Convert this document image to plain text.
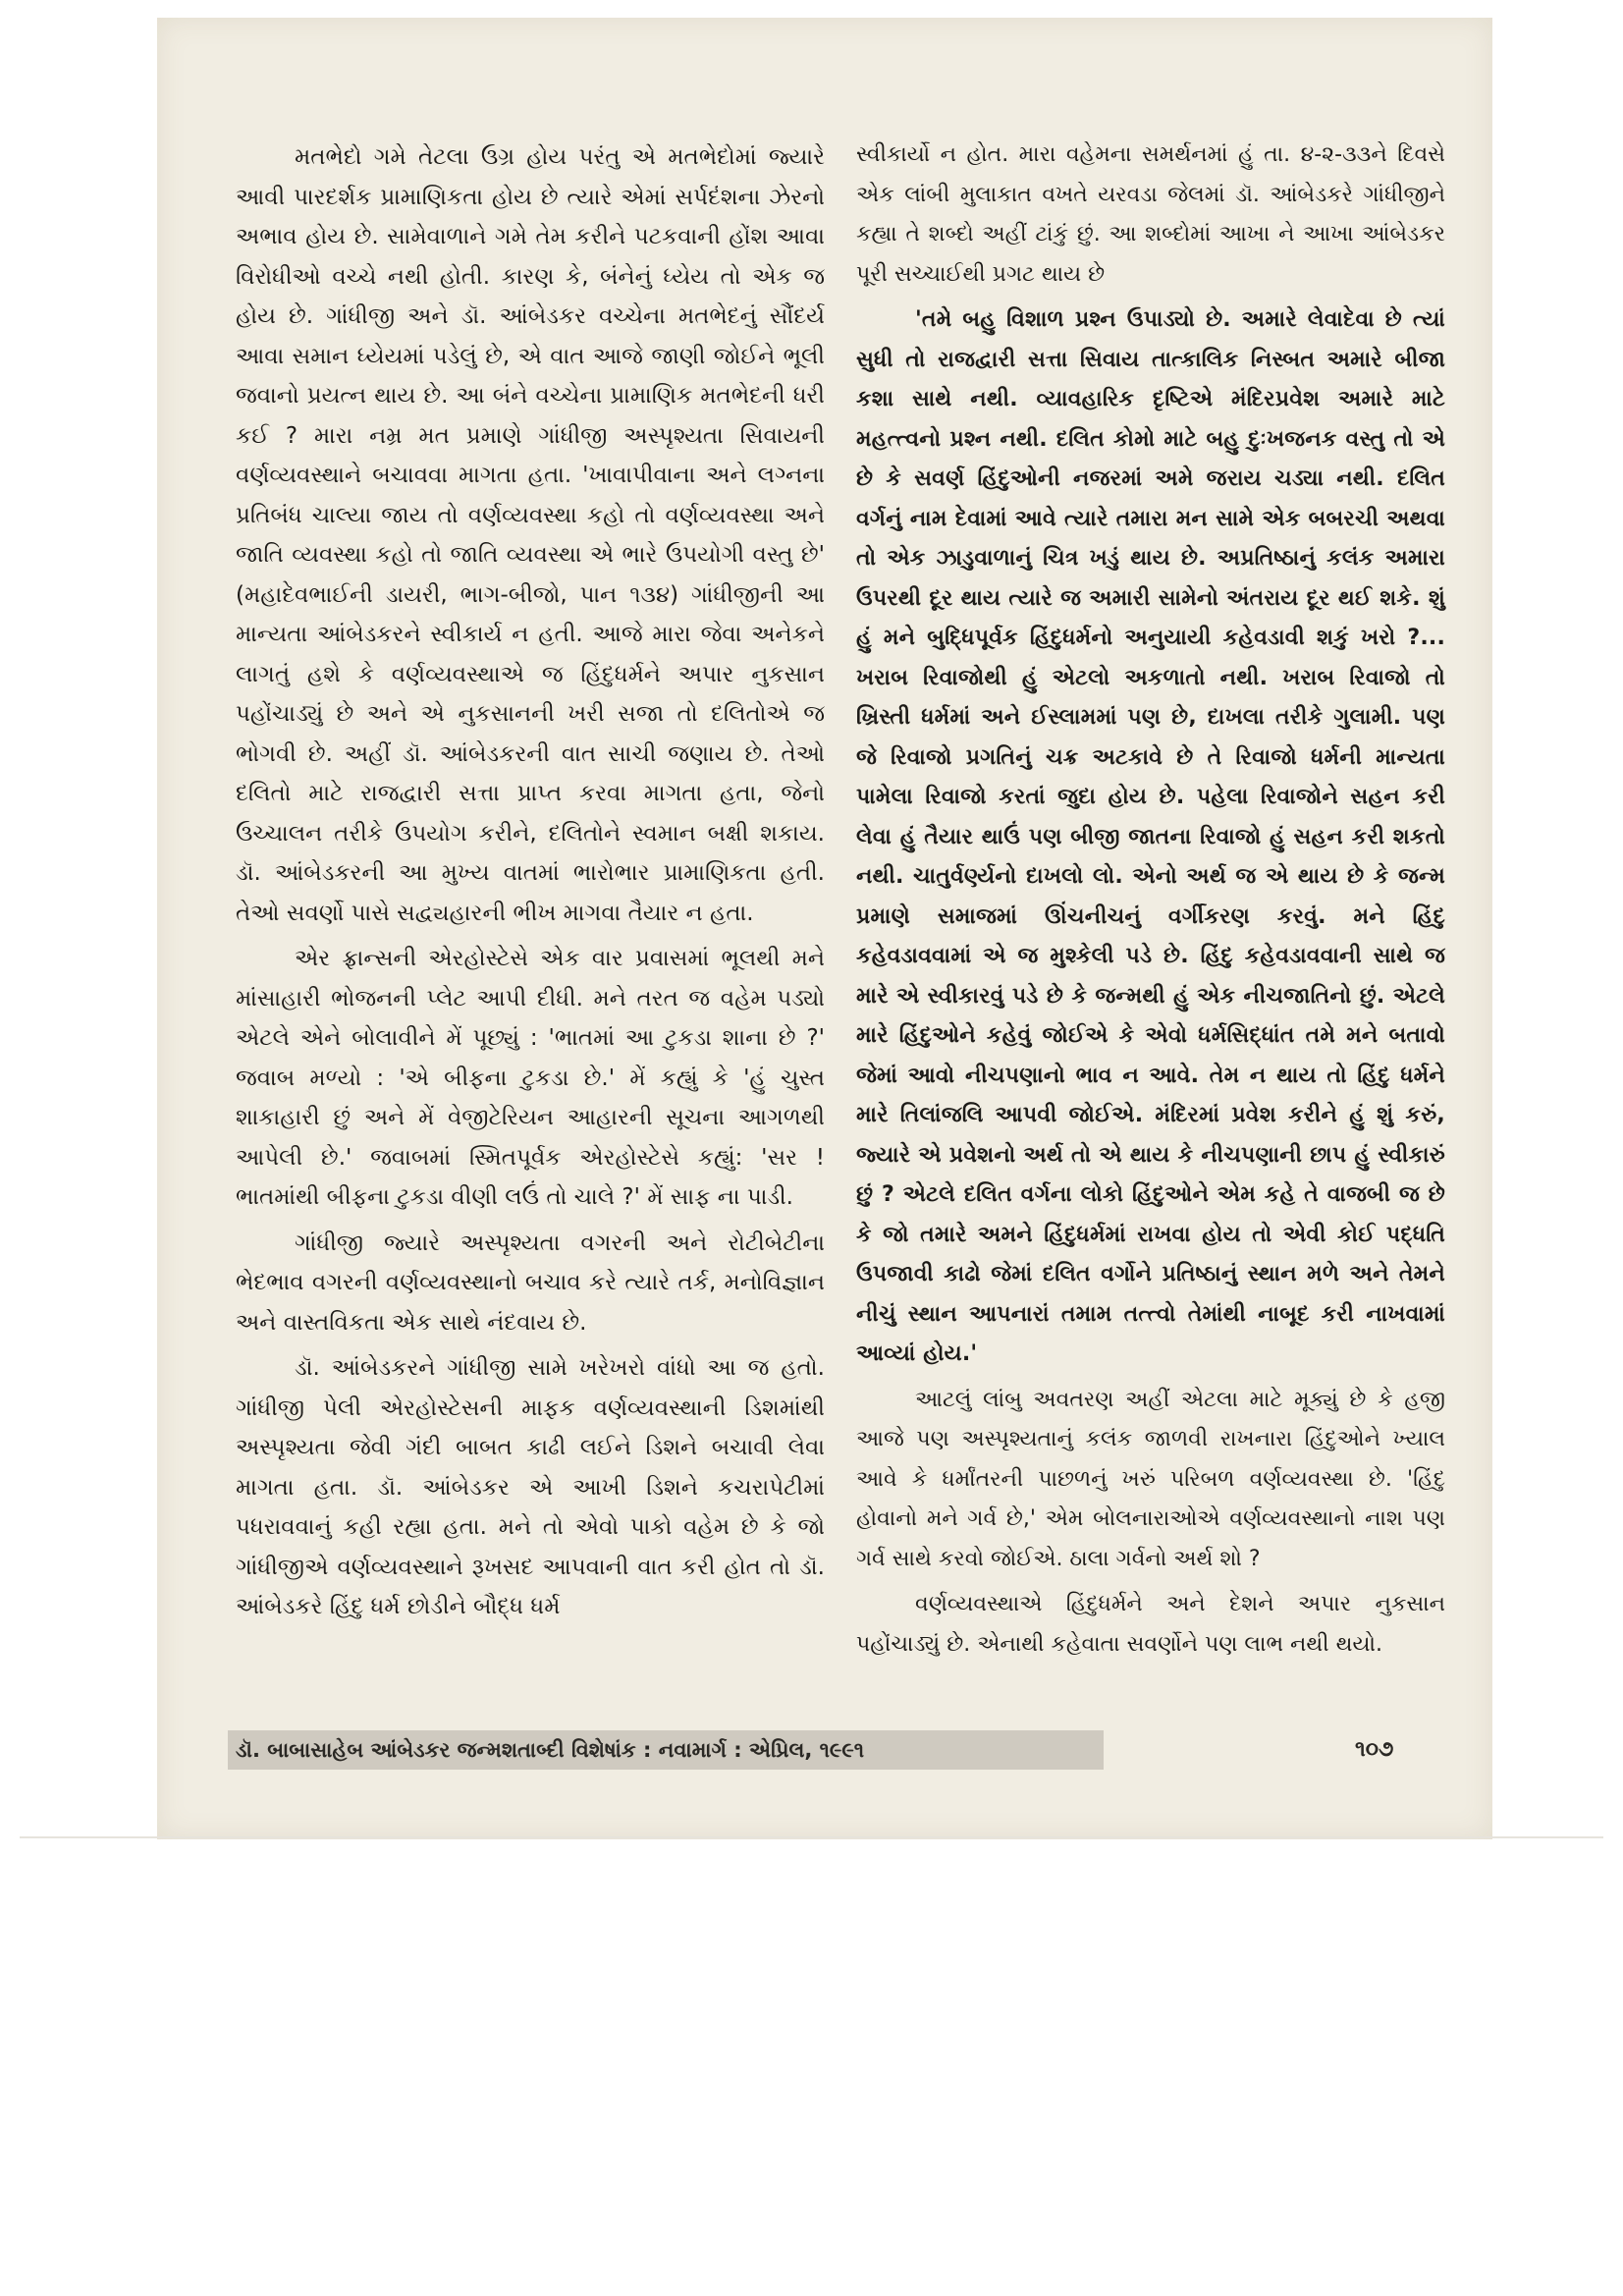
મતભેદો ગમે તેટલા ઉગ્ર હોય પરંતુ એ મતભેદોમાં જ્યારે આવી પારદર્શક પ્રામાણિકતા હોય છે ત્યારે એમાં સર્પદંશના ઝેરનો અભાવ હોય છે. સામેવાળાને ગમે તેમ કરીને પટકવાની હોંશ આવા વિરોધીઓ વચ્ચે નથી હોતી. કારણ કે, બંનેનું ધ્યેય તો એક જ હોય છે. ગાંધીજી અને ડૉ. આંબેડકર વચ્ચેના મતભેદનું સૌંદર્ય આવા સમાન ધ્યેયમાં પડેલું છે, એ વાત આજે જાણી જોઈને ભૂલી જવાનો પ્રયત્ન થાય છે. આ બંને વચ્ચેના પ્રામાણિક મતભેદની ધરી કઈ ? મારા નમ્ર મત પ્રમાણે ગાંધીજી અસ્પૃશ્યતા સિવાયની વર્ણવ્યવસ્થાને બચાવવા માગતા હતા. 'ખાવાપીવાના અને લગ્નના પ્રતિબંધ ચાલ્યા જાય તો વર્ણવ્યવસ્થા કહો તો વર્ણવ્યવસ્થા અને જાતિ વ્યવસ્થા કહો તો જાતિ વ્યવસ્થા એ ભારે ઉપયોગી વસ્તુ છે' (મહાદેવભાઈની ડાયરી, ભાગ-બીજો, પાન ૧૩૪) ગાંધીજીની આ માન્યતા આંબેડકરને સ્વીકાર્ય ન હતી. આજે મારા જેવા અનેકને લાગતું હશે કે વર્ણવ્યવસ્થાએ જ હિંદુધર્મને અપાર નુકસાન પહોંચાડ્યું છે અને એ નુકસાનની ખરી સજા તો દલિતોએ જ ભોગવી છે. અહીં ડૉ. આંબેડકરની વાત સાચી જણાય છે. તેઓ દલિતો માટે રાજદ્વારી સત્તા પ્રાપ્ત કરવા માગતા હતા, જેનો ઉચ્ચાલન તરીકે ઉપયોગ કરીને, દલિતોને સ્વમાન બક્ષી શકાય. ડૉ. આંબેડકરની આ મુખ્ય વાતમાં ભારોભાર પ્રામાણિકતા હતી. તેઓ સવર્ણો પાસે સદ્વ્યહારની ભીખ માગવા તૈયાર ન હતા.

એર ફ્રાન્સની એરહોસ્ટેસે એક વાર પ્રવાસમાં ભૂલથી મને માંસાહારી ભોજનની પ્લેટ આપી દીધી. મને તરત જ વહેમ પડ્યો એટલે એને બોલાવીને મેં પૂછ્યું : 'ભાતમાં આ ટુકડા શાના છે ?' જવાબ મળ્યો : 'એ બીફના ટુકડા છે.' મેં કહ્યું કે 'હું ચુસ્ત શાકાહારી છું અને મેં વેજીટેરિયન આહારની સૂચના આગળથી આપેલી છે.' જવાબમાં સ્મિતપૂર્વક એરહોસ્ટેસે કહ્યું: 'સર ! ભાતમાંથી બીફના ટુકડા વીણી લઉં તો ચાલે ?' મેં સાફ ના પાડી.

ગાંધીજી જ્યારે અસ્પૃશ્યતા વગરની અને રોટીબેટીના ભેદભાવ વગરની વર્ણવ્યવસ્થાનો બચાવ કરે ત્યારે તર્ક, મનોવિજ્ઞાન અને વાસ્તવિકતા એક સાથે નંદવાય છે.

ડૉ. આંબેડકરને ગાંધીજી સામે ખરેખરો વાંધો આ જ હતો. ગાંધીજી પેલી એરહોસ્ટેસની માફક વર્ણવ્યવસ્થાની ડિશમાંથી અસ્પૃશ્યતા જેવી ગંદી બાબત કાઢી લઈને ડિશને બચાવી લેવા માગતા હતા. ડૉ. આંબેડકર એ આખી ડિશને કચરાપેટીમાં પધરાવવાનું કહી રહ્યા હતા. મને તો એવો પાકો વહેમ છે કે જો ગાંધીજીએ વર્ણવ્યવસ્થાને રૂખસદ આપવાની વાત કરી હોત તો ડૉ. આંબેડકરે હિંદુ ધર્મ છોડીને બૌદ્ધ ધર્મ

સ્વીકાર્યો ન હોત. મારા વહેમના સમર્થનમાં હું તા. ૪-૨-૩૩ને દિવસે એક લાંબી મુલાકાત વખતે યરવડા જેલમાં ડૉ. આંબેડકરે ગાંધીજીને કહ્યા તે શબ્દો અહીં ટાંકું છું. આ શબ્દોમાં આખા ને આખા આંબેડકર પૂરી સચ્ચાઈથી પ્રગટ થાય છે

'તમે બહુ વિશાળ પ્રશ્ન ઉપાડ્યો છે. અમારે લેવાદેવા છે ત્યાં સુધી તો રાજદ્વારી સત્તા સિવાય તાત્કાલિક નિસ્બત અમારે બીજા કશા સાથે નથી. વ્યાવહારિક દૃષ્ટિએ મંદિરપ્રવેશ અમારે માટે મહત્ત્વનો પ્રશ્ન નથી. દલિત કોમો માટે બહુ દુઃખજનક વસ્તુ તો એ છે કે સવર્ણ હિંદુઓની નજરમાં અમે જરાય ચડ્યા નથી. દલિત વર્ગનું નામ દેવામાં આવે ત્યારે તમારા મન સામે એક બબરચી અથવા તો એક ઝાડુવાળાનું ચિત્ર ખડું થાય છે. અપ્રતિષ્ઠાનું કલંક અમારા ઉપરથી દૂર થાય ત્યારે જ અમારી સામેનો અંતરાય દૂર થઈ શકે. શું હું મને બુદ્ધિપૂર્વક હિંદુધર્મનો અનુયાયી કહેવડાવી શકું ખરો ?... ખરાબ રિવાજોથી હું એટલો અકળાતો નથી. ખરાબ રિવાજો તો ખ્રિસ્તી ધર્મમાં અને ઈસ્લામમાં પણ છે, દાખલા તરીકે ગુલામી. પણ જે રિવાજો પ્રગતિનું ચક્ર અટકાવે છે તે રિવાજો ધર્મની માન્યતા પામેલા રિવાજો કરતાં જુદા હોય છે. પહેલા રિવાજોને સહન કરી લેવા હું તૈયાર થાઉં પણ બીજી જાતના રિવાજો હું સહન કરી શકતો નથી. ચાતુર્વર્ણ્યનો દાખલો લો. એનો અર્થ જ એ થાય છે કે જન્મ પ્રમાણે સમાજમાં ઊંચનીચનું વર્ગીકરણ કરવું. મને હિંદુ કહેવડાવવામાં એ જ મુશ્કેલી પડે છે. હિંદુ કહેવડાવવાની સાથે જ મારે એ સ્વીકારવું પડે છે કે જન્મથી હું એક નીચજાતિનો છું. એટલે મારે હિંદુઓને કહેવું જોઈએ કે એવો ધર્મસિદ્ધાંત તમે મને બતાવો જેમાં આવો નીચપણાનો ભાવ ન આવે. તેમ ન થાય તો હિંદુ ધર્મને મારે તિલાંજલિ આપવી જોઈએ. મંદિરમાં પ્રવેશ કરીને હું શું કરું, જ્યારે એ પ્રવેશનો અર્થ તો એ થાય કે નીચપણાની છાપ હું સ્વીકારું છું ? એટલે દલિત વર્ગના લોકો હિંદુઓને એમ કહે તે વાજબી જ છે કે જો તમારે અમને હિંદુધર્મમાં રાખવા હોય તો એવી કોઈ પદ્ધતિ ઉપજાવી કાઢો જેમાં દલિત વર્ગોને પ્રતિષ્ઠાનું સ્થાન મળે અને તેમને નીચું સ્થાન આપનારાં તમામ તત્ત્વો તેમાંથી નાબૂદ કરી નાખવામાં આવ્યાં હોય.'

આટલું લાંબુ અવતરણ અહીં એટલા માટે મૂક્યું છે કે હજી આજે પણ અસ્પૃશ્યતાનું કલંક જાળવી રાખનારા હિંદુઓને ખ્યાલ આવે કે ધર્માંતરની પાછળનું ખરું પરિબળ વર્ણવ્યવસ્થા છે. 'હિંદુ હોવાનો મને ગર્વ છે,' એમ બોલનારાઓએ વર્ણવ્યવસ્થાનો નાશ પણ ગર્વ સાથે કરવો જોઈએ. ઠાલા ગર્વનો અર્થ શો ?

વર્ણવ્યવસ્થાએ હિંદુધર્મને અને દેશને અપાર નુકસાન પહોંચાડ્યું છે. એનાથી કહેવાતા સવર્ણોને પણ લાભ નથી થયો.

ડૉ. બાબાસાહેબ આંબેડકર જન્મશતાબ્દી વિશેષાંક : નવામાર્ગ : એપ્રિલ, ૧૯૯૧	૧૦૭
